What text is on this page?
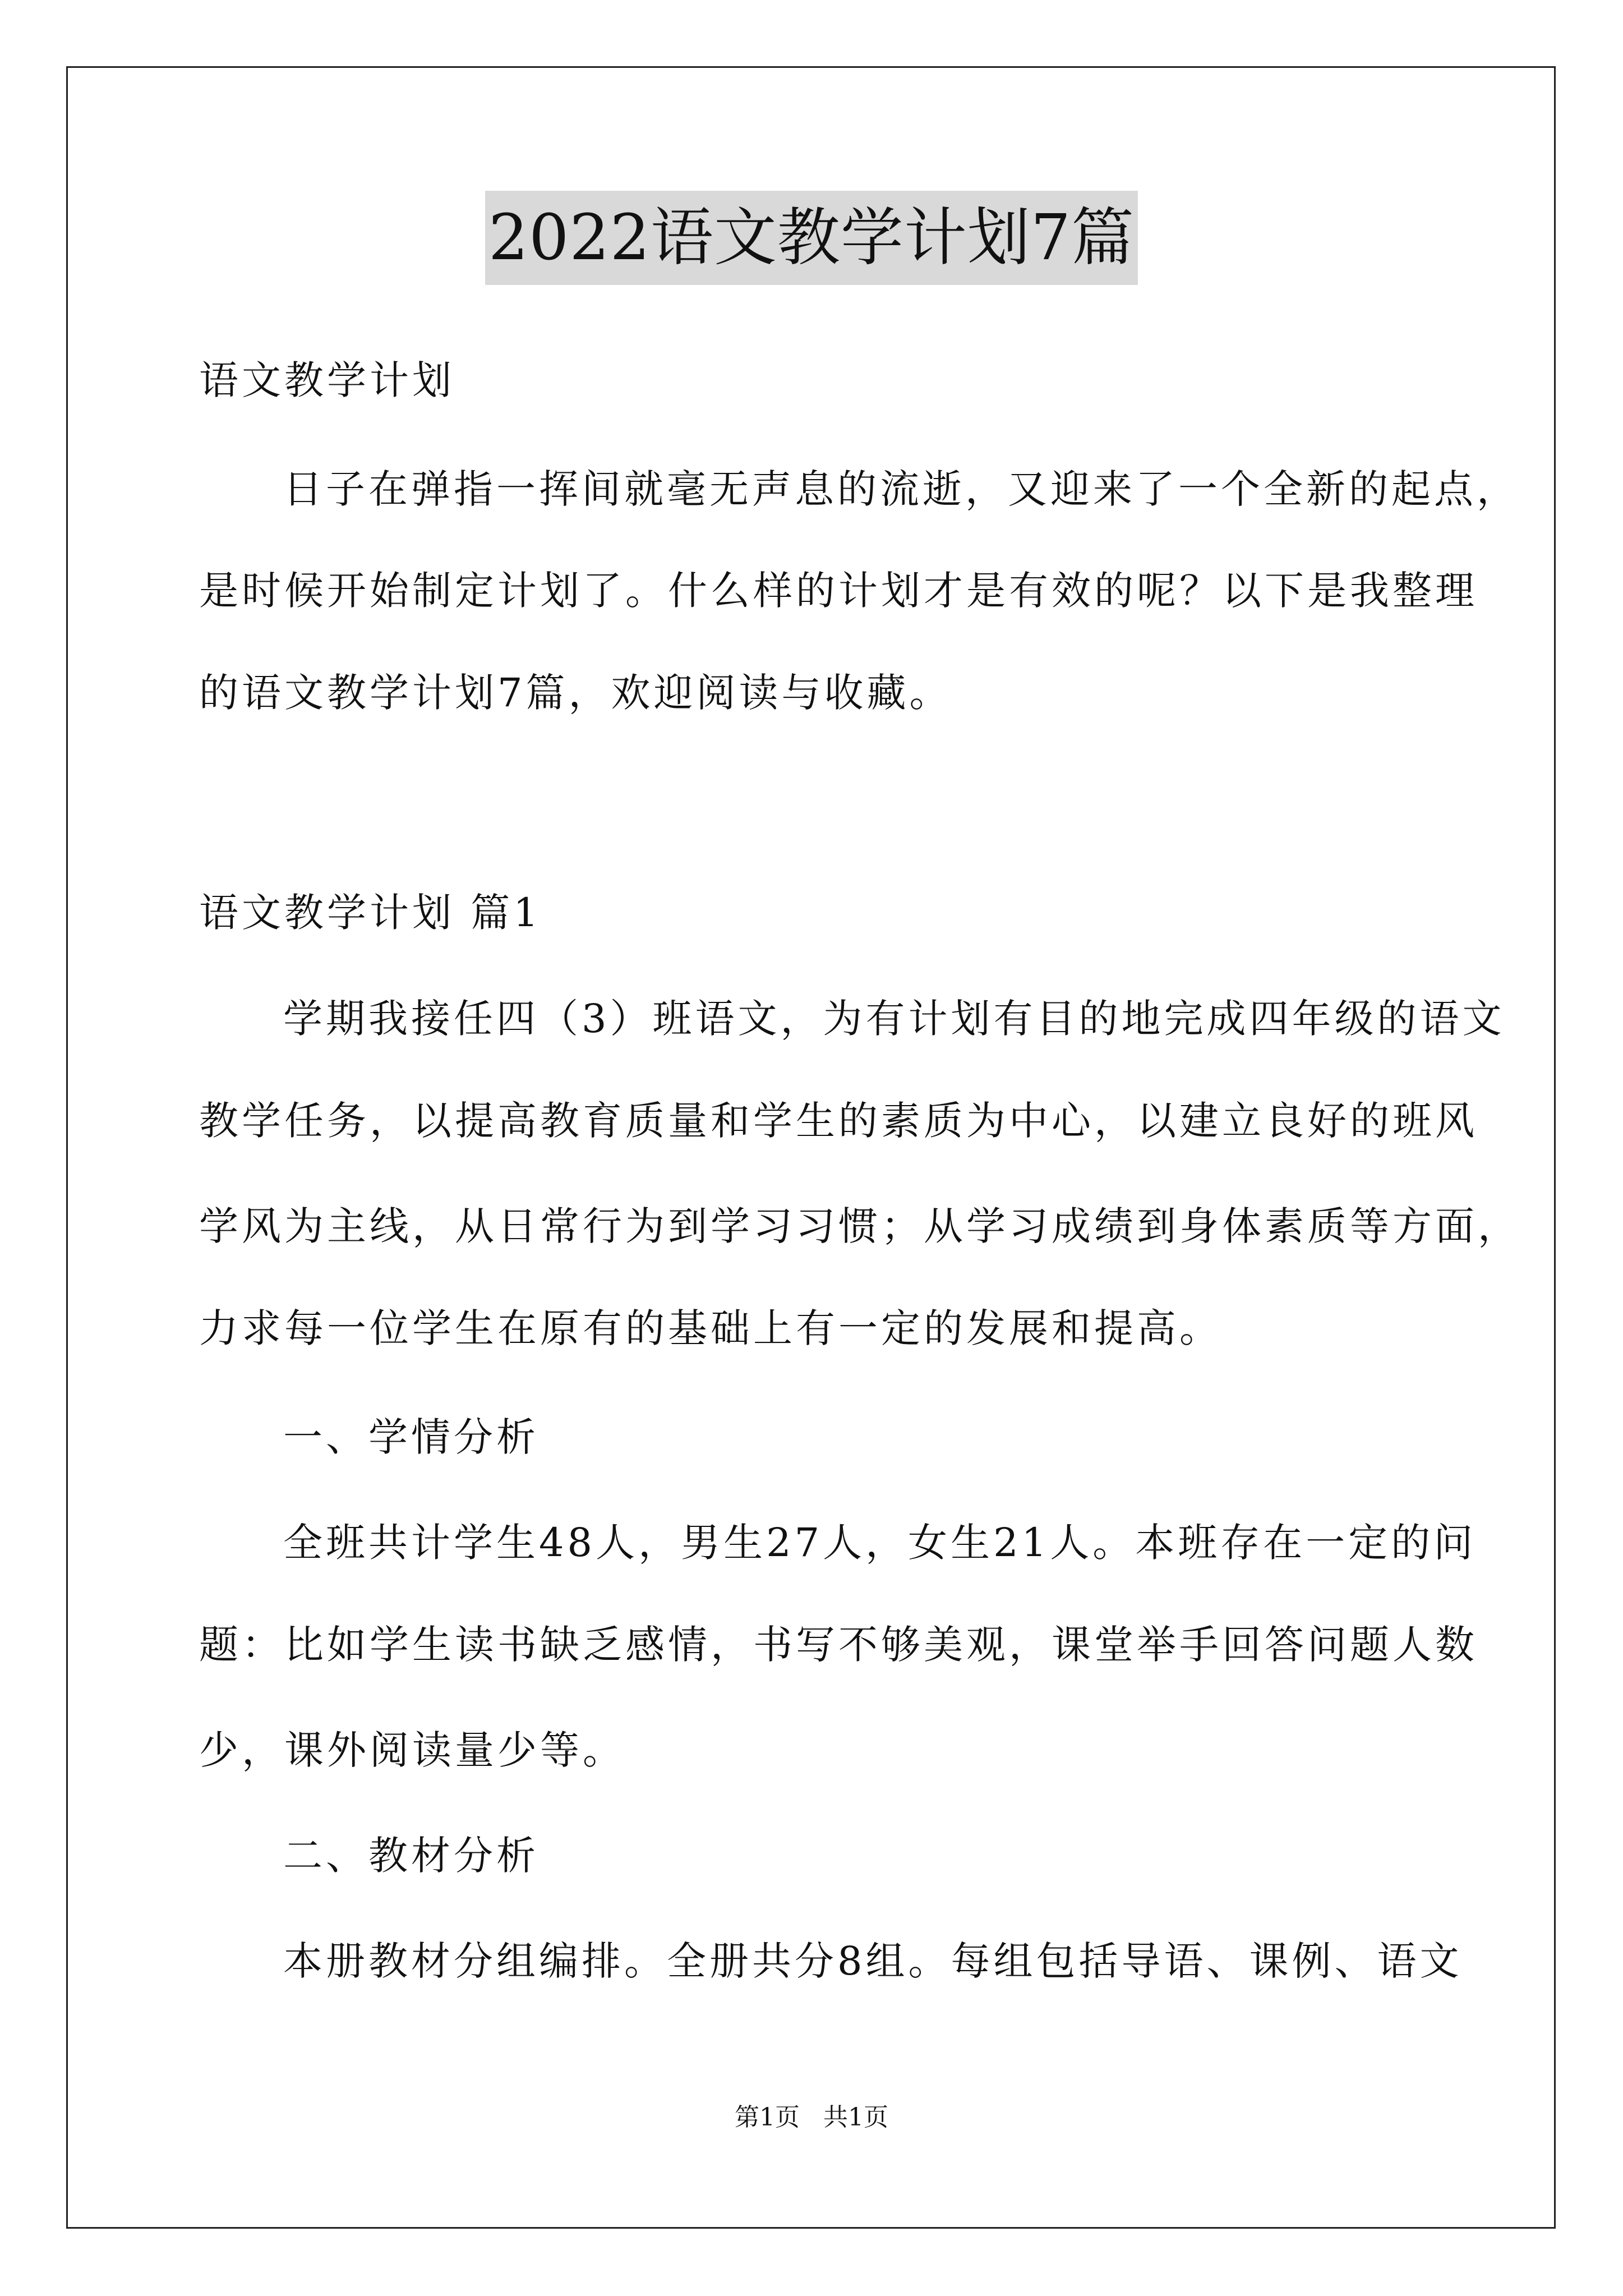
2022语文教学计划7篇
语文教学计划
日子在弹指一挥间就毫无声息的流逝，又迎来了一个全新的起点，
是时候开始制定计划了。什么样的计划才是有效的呢？以下是我整理
的语文教学计划7篇，欢迎阅读与收藏。
语文教学计划 篇1
学期我接任四（3）班语文，为有计划有目的地完成四年级的语文
教学任务，以提高教育质量和学生的素质为中心，以建立良好的班风
学风为主线，从日常行为到学习习惯；从学习成绩到身体素质等方面，
力求每一位学生在原有的基础上有一定的发展和提高。
一、学情分析
全班共计学生48人，男生27人，女生21人。本班存在一定的问
题：比如学生读书缺乏感情，书写不够美观，课堂举手回答问题人数
少，课外阅读量少等。
二、教材分析
本册教材分组编排。全册共分8组。每组包括导语、课例、语文
第1页   共1页
